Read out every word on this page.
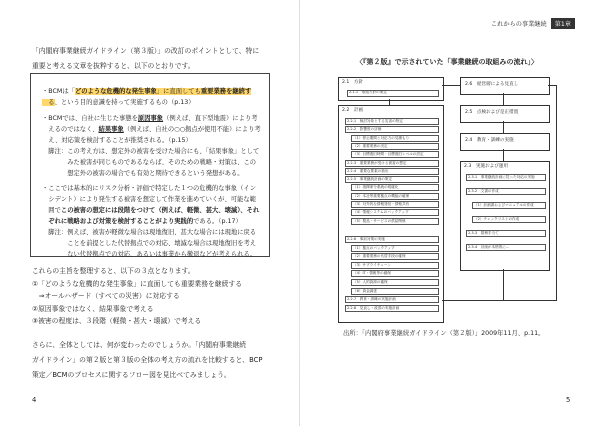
「内閣府事業継続ガイドライン（第３版）」の改訂のポイントとして、特に
重要と考える文章を抜粋すると、以下のとおりです。
・BCMは「どのような危機的な発生事象」に直面しても重要業務を継続す
　る、という目的意識を持って実施するもの（p.13）
・BCMでは、自社に生じた事態を原因事象（例えば、直下型地震）により考
　えるのではなく、結果事象（例えば、自社の○○拠点が使用不能）により考
　え、対応策を検討することが推奨される。（p.15）
　脚注：この考え方は、想定外の被害を受けた場合にも、「結果事象」として
　　　　みた被害が同じものであるならば、そのための戦略・対策は、この
　　　　想定外の被害の場合でも有効と期待できるという発想がある。
・ここでは基本的にリスク分析・評価で特定した１つの危機的な事象（イン
　シデント）により発生する被害を想定して作業を進めていくが、可能な範
　囲でこの被害の想定には段階をつけて（例えば、軽微、甚大、壊滅）、それ
　ぞれに戦略および対策を検討することがより実践的である。（p.17）
　脚注：例えば、被害が軽微な場合は現地復旧、甚大な場合には現地に戻る
　　　　ことを前提とした代替拠点での対応、壊滅な場合は現地復旧を考え
　　　　ない代替拠点での対応、あるいは事業から撤退などが考えられる。
これらの主旨を整理すると、以下の３点となります。
①「どのような危機的な発生事象」に直面しても重要業務を継続する
　⇒オールハザード（すべての災害）に対応する
②原因事象ではなく、結果事象で考える
③被害の程度は、３段階（軽微・甚大・壊滅）で考える
さらに、全体としては、何が変わったのでしょうか。「内閣府事業継続
ガイドライン」の第２版と第３版の全体の考え方の流れを比較すると、BCP
策定／BCMのプロセスに関するフロー図を見比べてみましょう。
4
これからの事業継続	第1章
5
〈『第２版』で示されていた「事業継続の取組みの流れ」〉
2.1　方針
2.1.1　取組方針の策定
2.2　計画
2.2.1　検討対象とする災害の特定
2.2.2　影響度の評価
（1）停止期間と対応力の見積もり
（2）重要業務の決定
（3）目標復旧時間・目標復旧レベルの設定
2.2.3　重要業務が受ける被害の想定
2.2.4　重要な要素の抽出
2.2.5　事業継続計画の策定
（1）指揮命令系統の明確化
（2）本社等重要拠点の機能の確保
（3）対外的な情報発信・情報共有
（4）情報システムのバックアップ
（5）製品・サービスの供給関係
2.2.6　事前対策の実施
（1）拠点のバックアップ
（2）重要業務の代替手段の確保
（3）サプライチェーン
（4）IT・情報等の確保
（5）人的資源の確保
（6）資金調達
2.2.7　教育・訓練の実施計画
2.2.8　見直し・改善の実施計画
2.6　経営層による見直し
2.5　点検および是正措置
2.4　教育・訓練の実施
2.3　実施および運用
2.3.1　事業継続計画に従った対応の実施
2.3.2　文書の作成
（1）計画書およびマニュアルの作成
（2）チェックリストの作成
2.3.3　財務手当て
2.3.4　計画が本格的に…
出所：「内閣府事業継続ガイドライン（第２版）」2009年11月、p.11。
